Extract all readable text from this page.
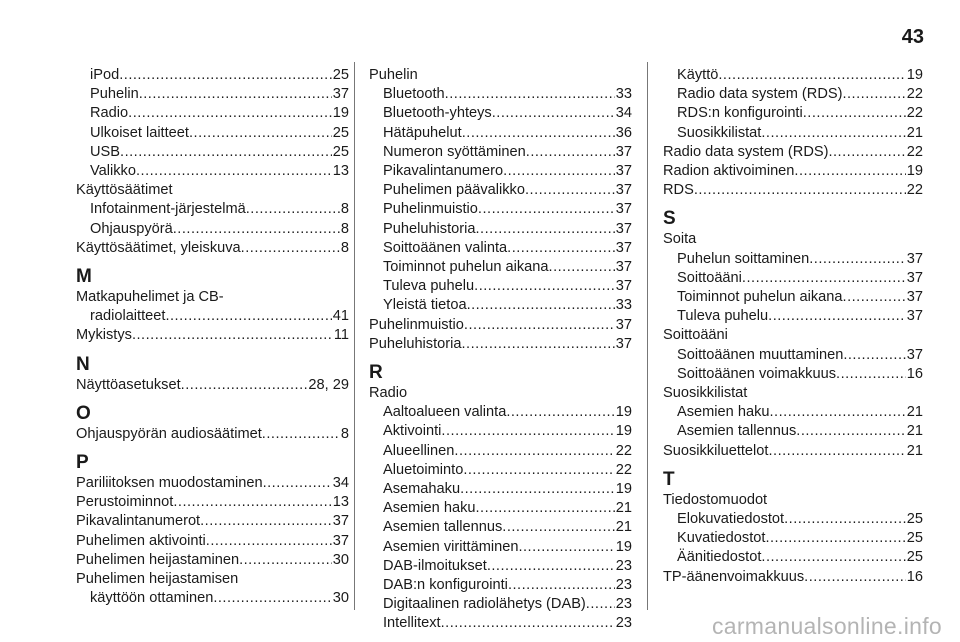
43
iPod .....	25
Puhelin .....	37
Radio .....	19
Ulkoiset laitteet .....	25
USB .....	25
Valikko .....	13
Käyttösäätimet
Infotainment-järjestelmä .....	8
Ohjauspyörä .....	8
Käyttösäätimet, yleiskuva .....	8
M
Matkapuhelimet ja CB-
radiolaitteet .....	41
Mykistys .....	11
N
Näyttöasetukset .....	28, 29
O
Ohjauspyörän audiosäätimet .....	8
P
Pariliitoksen muodostaminen .....	34
Perustoiminnot .....	13
Pikavalintanumerot .....	37
Puhelimen aktivointi .....	37
Puhelimen heijastaminen .....	30
Puhelimen heijastamisen
käyttöön ottaminen .....	30
Puhelin
Bluetooth .....	33
Bluetooth-yhteys .....	34
Hätäpuhelut .....	36
Numeron syöttäminen .....	37
Pikavalintanumero .....	37
Puhelimen päävalikko .....	37
Puhelinmuistio .....	37
Puheluhistoria .....	37
Soittoäänen valinta .....	37
Toiminnot puhelun aikana .....	37
Tuleva puhelu .....	37
Yleistä tietoa .....	33
Puhelinmuistio .....	37
Puheluhistoria .....	37
R
Radio
Aaltoalueen valinta .....	19
Aktivointi .....	19
Alueellinen .....	22
Aluetoiminto .....	22
Asemahaku .....	19
Asemien haku .....	21
Asemien tallennus .....	21
Asemien virittäminen .....	19
DAB-ilmoitukset .....	23
DAB:n konfigurointi .....	23
Digitaalinen radiolähetys (DAB) ..... 23
Intellitext .....	23
Käyttö .....	19
Radio data system (RDS) .....	22
RDS:n konfigurointi .....	22
Suosikkilistat .....	21
Radio data system (RDS) .....	22
Radion aktivoiminen .....	19
RDS .....	22
S
Soita
Puhelun soittaminen .....	37
Soittoääni .....	37
Toiminnot puhelun aikana .....	37
Tuleva puhelu .....	37
Soittoääni
Soittoäänen muuttaminen .....	37
Soittoäänen voimakkuus .....	16
Suosikkilistat
Asemien haku .....	21
Asemien tallennus .....	21
Suosikkiluettelot .....	21
T
Tiedostomuodot
Elokuvatiedostot .....	25
Kuvatiedostot .....	25
Äänitiedostot .....	25
TP-äänenvoimakkuus .....	16
carmanualsonline.info
